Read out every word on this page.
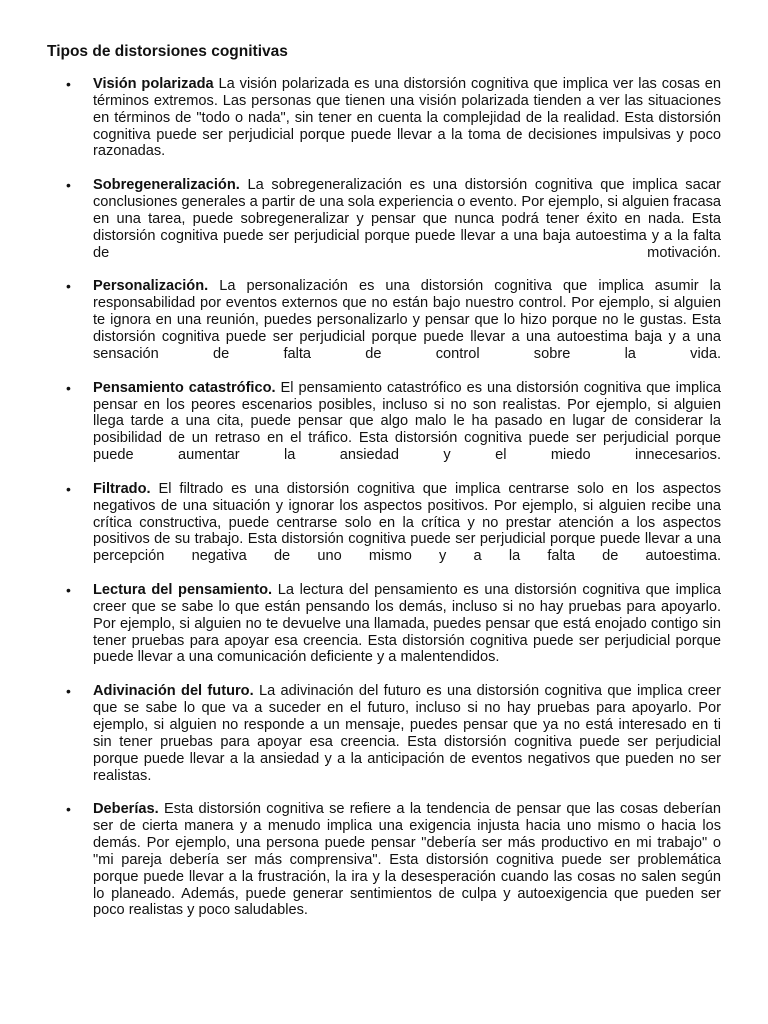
Tipos de distorsiones cognitivas
• Visión polarizada La visión polarizada es una distorsión cognitiva que implica ver las cosas en términos extremos. Las personas que tienen una visión polarizada tienden a ver las situaciones en términos de "todo o nada", sin tener en cuenta la complejidad de la realidad. Esta distorsión cognitiva puede ser perjudicial porque puede llevar a la toma de decisiones impulsivas y poco razonadas.
• Sobregeneralización. La sobregeneralización es una distorsión cognitiva que implica sacar conclusiones generales a partir de una sola experiencia o evento. Por ejemplo, si alguien fracasa en una tarea, puede sobregeneralizar y pensar que nunca podrá tener éxito en nada. Esta distorsión cognitiva puede ser perjudicial porque puede llevar a una baja autoestima y a la falta de motivación.
• Personalización. La personalización es una distorsión cognitiva que implica asumir la responsabilidad por eventos externos que no están bajo nuestro control. Por ejemplo, si alguien te ignora en una reunión, puedes personalizarlo y pensar que lo hizo porque no le gustas. Esta distorsión cognitiva puede ser perjudicial porque puede llevar a una autoestima baja y a una sensación de falta de control sobre la vida.
• Pensamiento catastrófico. El pensamiento catastrófico es una distorsión cognitiva que implica pensar en los peores escenarios posibles, incluso si no son realistas. Por ejemplo, si alguien llega tarde a una cita, puede pensar que algo malo le ha pasado en lugar de considerar la posibilidad de un retraso en el tráfico. Esta distorsión cognitiva puede ser perjudicial porque puede aumentar la ansiedad y el miedo innecesarios.
• Filtrado. El filtrado es una distorsión cognitiva que implica centrarse solo en los aspectos negativos de una situación y ignorar los aspectos positivos. Por ejemplo, si alguien recibe una crítica constructiva, puede centrarse solo en la crítica y no prestar atención a los aspectos positivos de su trabajo. Esta distorsión cognitiva puede ser perjudicial porque puede llevar a una percepción negativa de uno mismo y a la falta de autoestima.
• Lectura del pensamiento. La lectura del pensamiento es una distorsión cognitiva que implica creer que se sabe lo que están pensando los demás, incluso si no hay pruebas para apoyarlo. Por ejemplo, si alguien no te devuelve una llamada, puedes pensar que está enojado contigo sin tener pruebas para apoyar esa creencia. Esta distorsión cognitiva puede ser perjudicial porque puede llevar a una comunicación deficiente y a malentendidos.
• Adivinación del futuro. La adivinación del futuro es una distorsión cognitiva que implica creer que se sabe lo que va a suceder en el futuro, incluso si no hay pruebas para apoyarlo. Por ejemplo, si alguien no responde a un mensaje, puedes pensar que ya no está interesado en ti sin tener pruebas para apoyar esa creencia. Esta distorsión cognitiva puede ser perjudicial porque puede llevar a la ansiedad y a la anticipación de eventos negativos que pueden no ser realistas.
• Deberías. Esta distorsión cognitiva se refiere a la tendencia de pensar que las cosas deberían ser de cierta manera y a menudo implica una exigencia injusta hacia uno mismo o hacia los demás. Por ejemplo, una persona puede pensar "debería ser más productivo en mi trabajo" o "mi pareja debería ser más comprensiva". Esta distorsión cognitiva puede ser problemática porque puede llevar a la frustración, la ira y la desesperación cuando las cosas no salen según lo planeado. Además, puede generar sentimientos de culpa y autoexigencia que pueden ser poco realistas y poco saludables.
